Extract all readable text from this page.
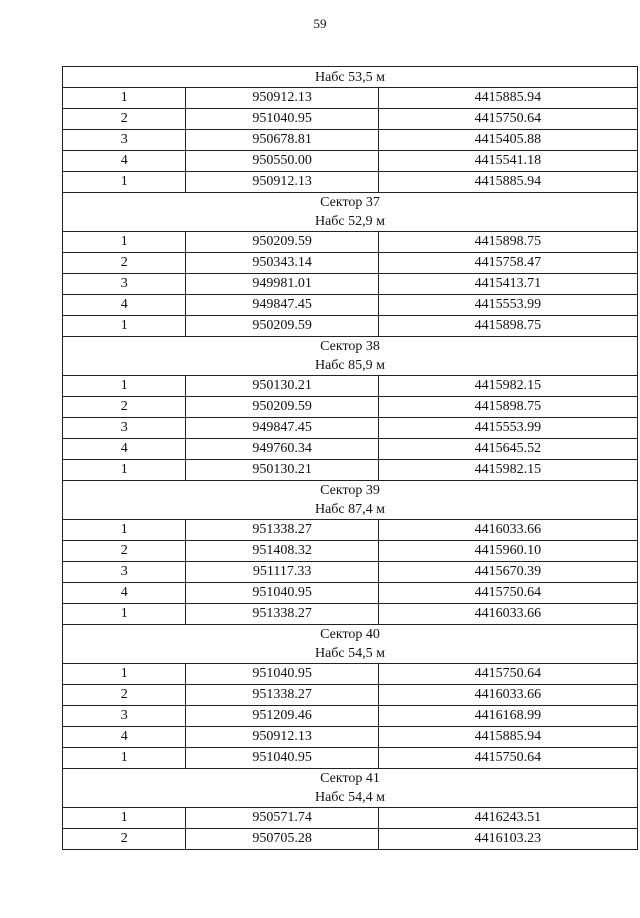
59
Набс 53,5 м		

1	950912.13	4415885.94
2	951040.95	4415750.64
3	950678.81	4415405.88
4	950550.00	4415541.18
1	950912.13	4415885.94

Сектор 37
Набс 52,9 м		

1	950209.59	4415898.75
2	950343.14	4415758.47
3	949981.01	4415413.71
4	949847.45	4415553.99
1	950209.59	4415898.75

Сектор 38
Набс 85,9 м		

1	950130.21	4415982.15
2	950209.59	4415898.75
3	949847.45	4415553.99
4	949760.34	4415645.52
1	950130.21	4415982.15

Сектор 39
Набс 87,4 м		

1	951338.27	4416033.66
2	951408.32	4415960.10
3	951117.33	4415670.39
4	951040.95	4415750.64
1	951338.27	4416033.66

Сектор 40
Набс 54,5 м		

1	951040.95	4415750.64
2	951338.27	4416033.66
3	951209.46	4416168.99
4	950912.13	4415885.94
1	951040.95	4415750.64

Сектор 41
Набс 54,4 м		

1	950571.74	4416243.51
2	950705.28	4416103.23
